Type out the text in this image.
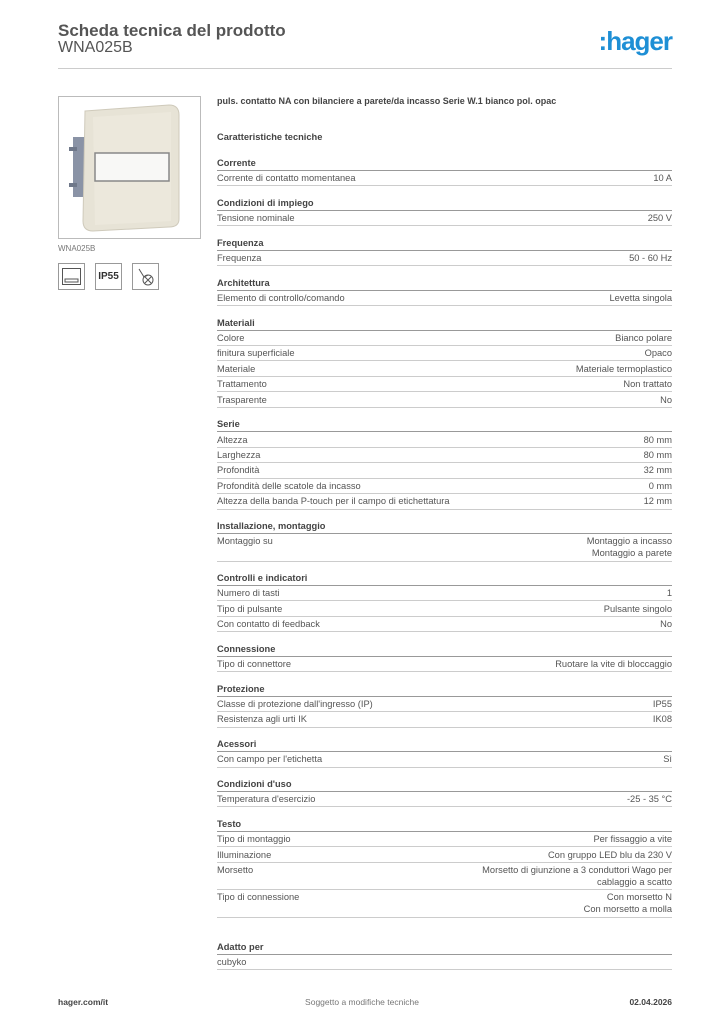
Scheda tecnica del prodotto
WNA025B	:hager
WNA025B
IP55
puls. contatto NA con bilanciere a parete/da incasso Serie W.1 bianco pol. opac
Caratteristiche tecniche
Corrente
Corrente di contatto momentanea	10 A
Condizioni di impiego
Tensione nominale	250 V
Frequenza
Frequenza	50 - 60 Hz
Architettura
Elemento di controllo/comando	Levetta singola
Materiali
Colore	Bianco polare
finitura superficiale	Opaco
Materiale	Materiale termoplastico
Trattamento	Non trattato
Trasparente	No
Serie
Altezza	80 mm
Larghezza	80 mm
Profondità	32 mm
Profondità delle scatole da incasso	0 mm
Altezza della banda P-touch per il campo di etichettatura	12 mm
Installazione, montaggio
Montaggio su	Montaggio a incasso
Montaggio a parete
Controlli e indicatori
Numero di tasti	1
Tipo di pulsante	Pulsante singolo
Con contatto di feedback	No
Connessione
Tipo di connettore	Ruotare la vite di bloccaggio
Protezione
Classe di protezione dall'ingresso (IP)	IP55
Resistenza agli urti IK	IK08
Acessori
Con campo per l'etichetta	Sì
Condizioni d'uso
Temperatura d'esercizio	-25 - 35 °C
Testo
Tipo di montaggio	Per fissaggio a vite
Illuminazione	Con gruppo LED blu da 230 V
Morsetto	Morsetto di giunzione a 3 conduttori Wago per
cablaggio a scatto
Tipo di connessione	Con morsetto N
Con morsetto a molla
Adatto per
cubyko
hager.com/it	Soggetto a modifiche tecniche	02.04.2026
